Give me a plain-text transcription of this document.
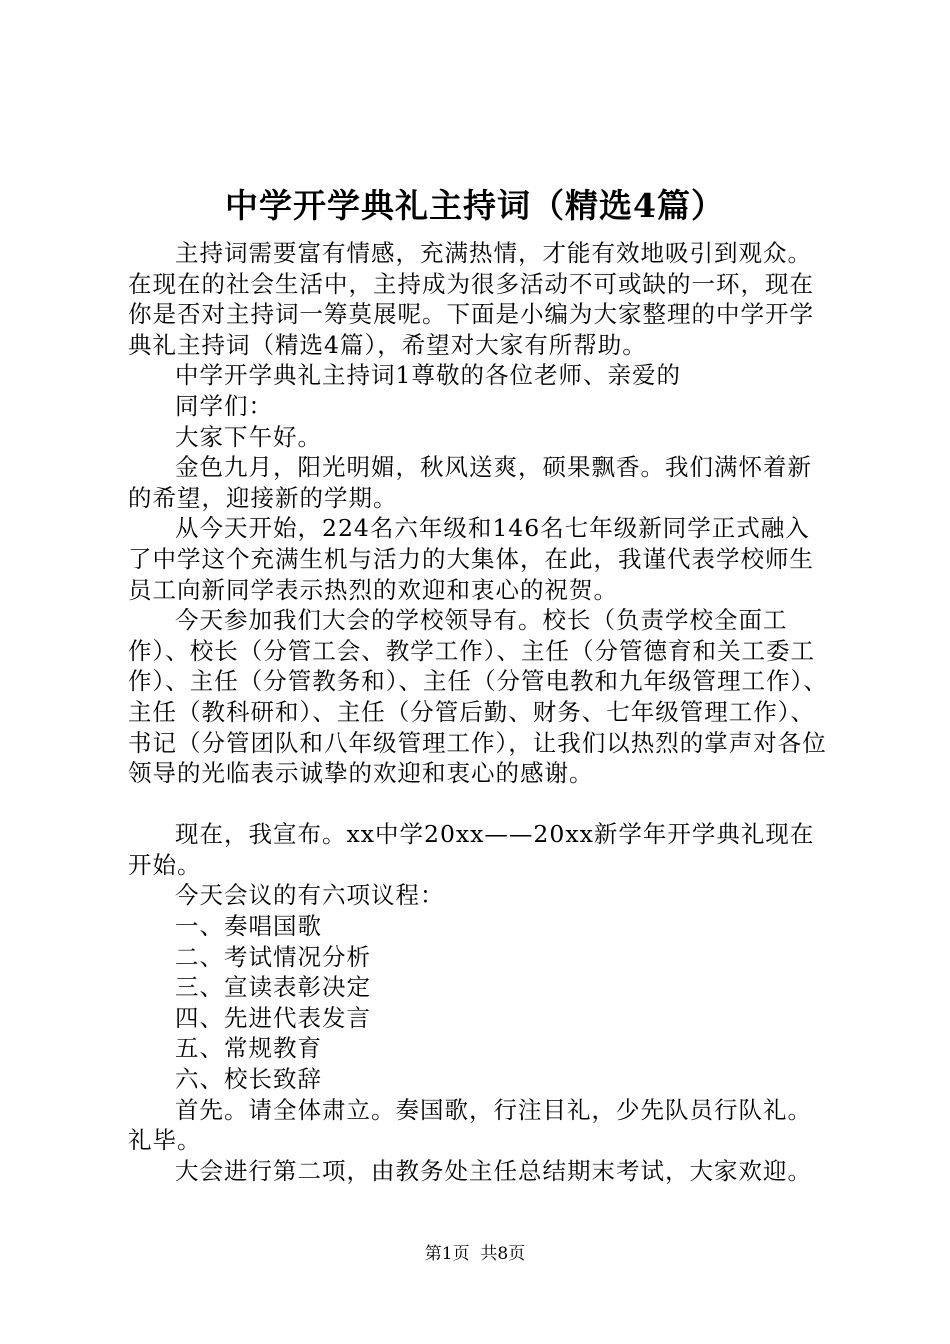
中学开学典礼主持词（精选4篇）

主持词需要富有情感，充满热情，才能有效地吸引到观众。在现在的社会生活中，主持成为很多活动不可或缺的一环，现在你是否对主持词一筹莫展呢。下面是小编为大家整理的中学开学典礼主持词（精选4篇），希望对大家有所帮助。

中学开学典礼主持词1尊敬的各位老师、亲爱的

同学们：

大家下午好。

金色九月，阳光明媚，秋风送爽，硕果飘香。我们满怀着新的希望，迎接新的学期。

从今天开始，224名六年级和146名七年级新同学正式融入了中学这个充满生机与活力的大集体，在此，我谨代表学校师生员工向新同学表示热烈的欢迎和衷心的祝贺。

今天参加我们大会的学校领导有。校长（负责学校全面工作）、校长（分管工会、教学工作）、主任（分管德育和关工委工作）、主任（分管教务和）、主任（分管电教和九年级管理工作）、主任（教科研和）、主任（分管后勤、财务、七年级管理工作）、书记（分管团队和八年级管理工作），让我们以热烈的掌声对各位领导的光临表示诚挚的欢迎和衷心的感谢。

现在，我宣布。xx中学20xx——20xx新学年开学典礼现在开始。

今天会议的有六项议程：

一、奏唱国歌

二、考试情况分析

三、宣读表彰决定

四、先进代表发言

五、常规教育

六、校长致辞

首先。请全体肃立。奏国歌，行注目礼，少先队员行队礼。礼毕。

大会进行第二项，由教务处主任总结期末考试，大家欢迎。

第1页 共8页
